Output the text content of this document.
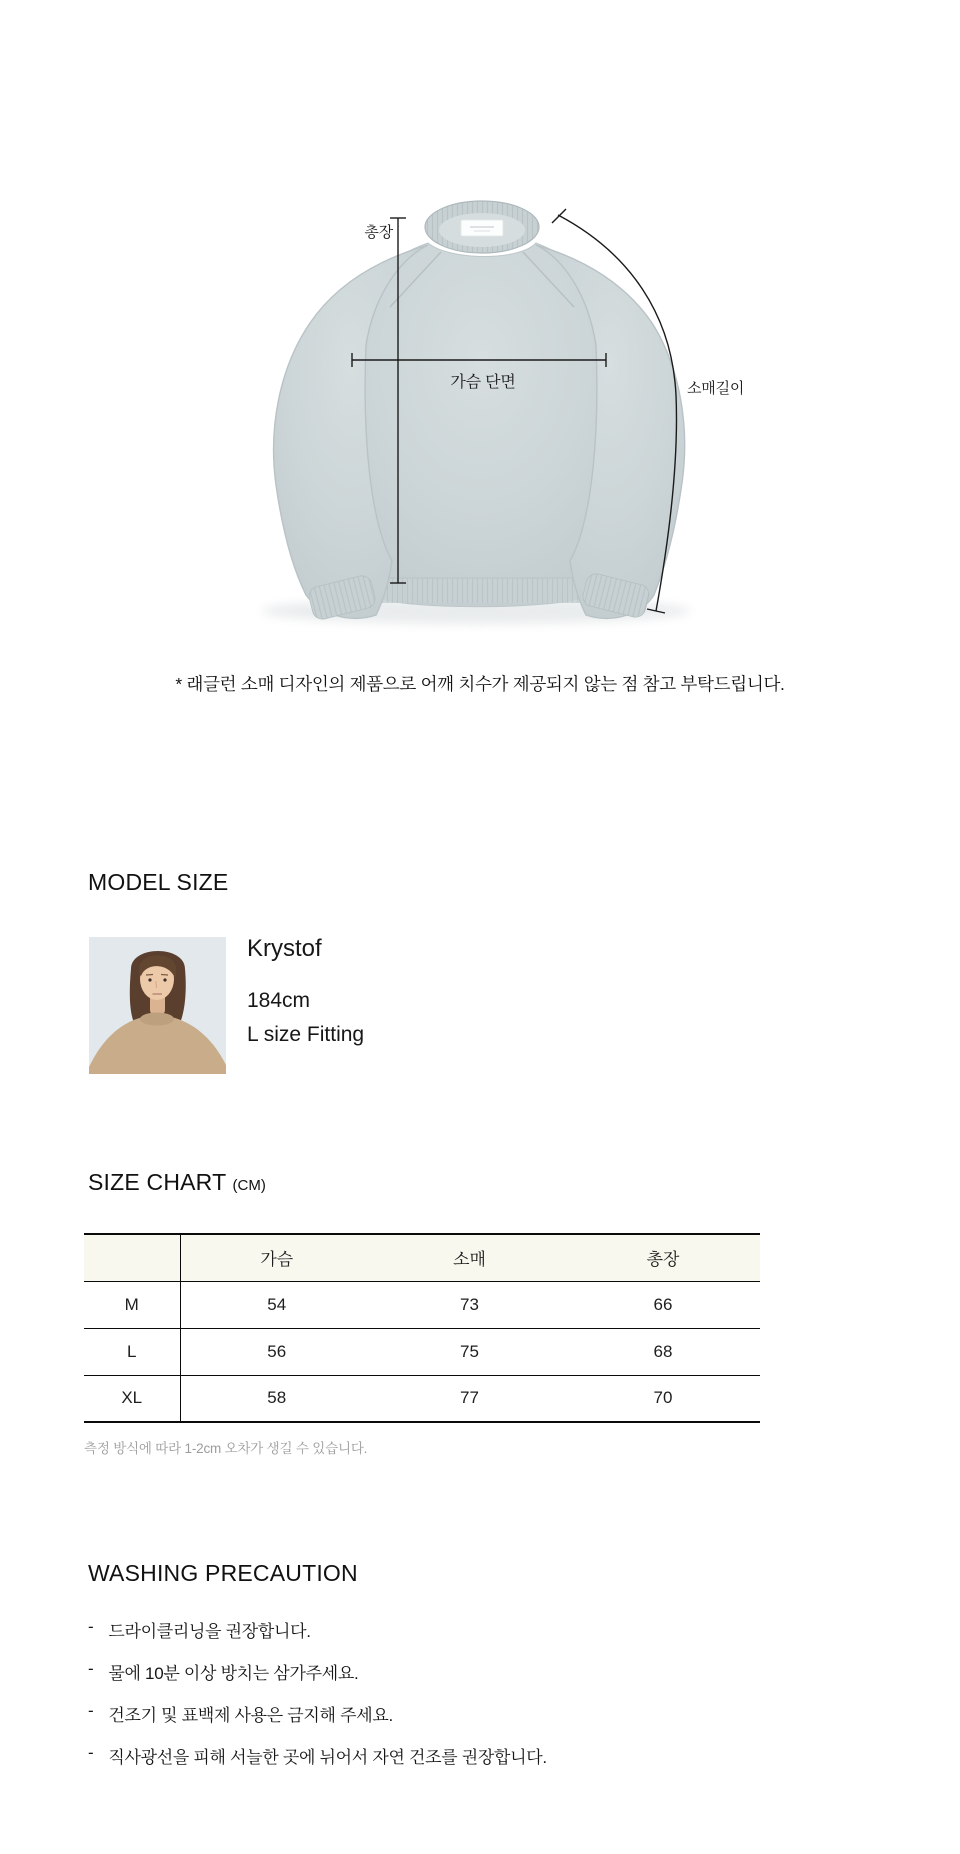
총장
가슴 단면	소매길이
* 래글런 소매 디자인의 제품으로 어깨 치수가 제공되지 않는 점 참고 부탁드립니다.
MODEL SIZE
Krystof
184cm
L size Fitting
SIZE CHART (CM)
	가슴	소매	총장
M	54	73	66
L	56	75	68
XL	58	77	70
측정 방식에 따라 1-2cm 오차가 생길 수 있습니다.
WASHING PRECAUTION
- 드라이클리닝을 권장합니다.
- 물에 10분 이상 방치는 삼가주세요.
- 건조기 및 표백제 사용은 금지해 주세요.
- 직사광선을 피해 서늘한 곳에 뉘어서 자연 건조를 권장합니다.
